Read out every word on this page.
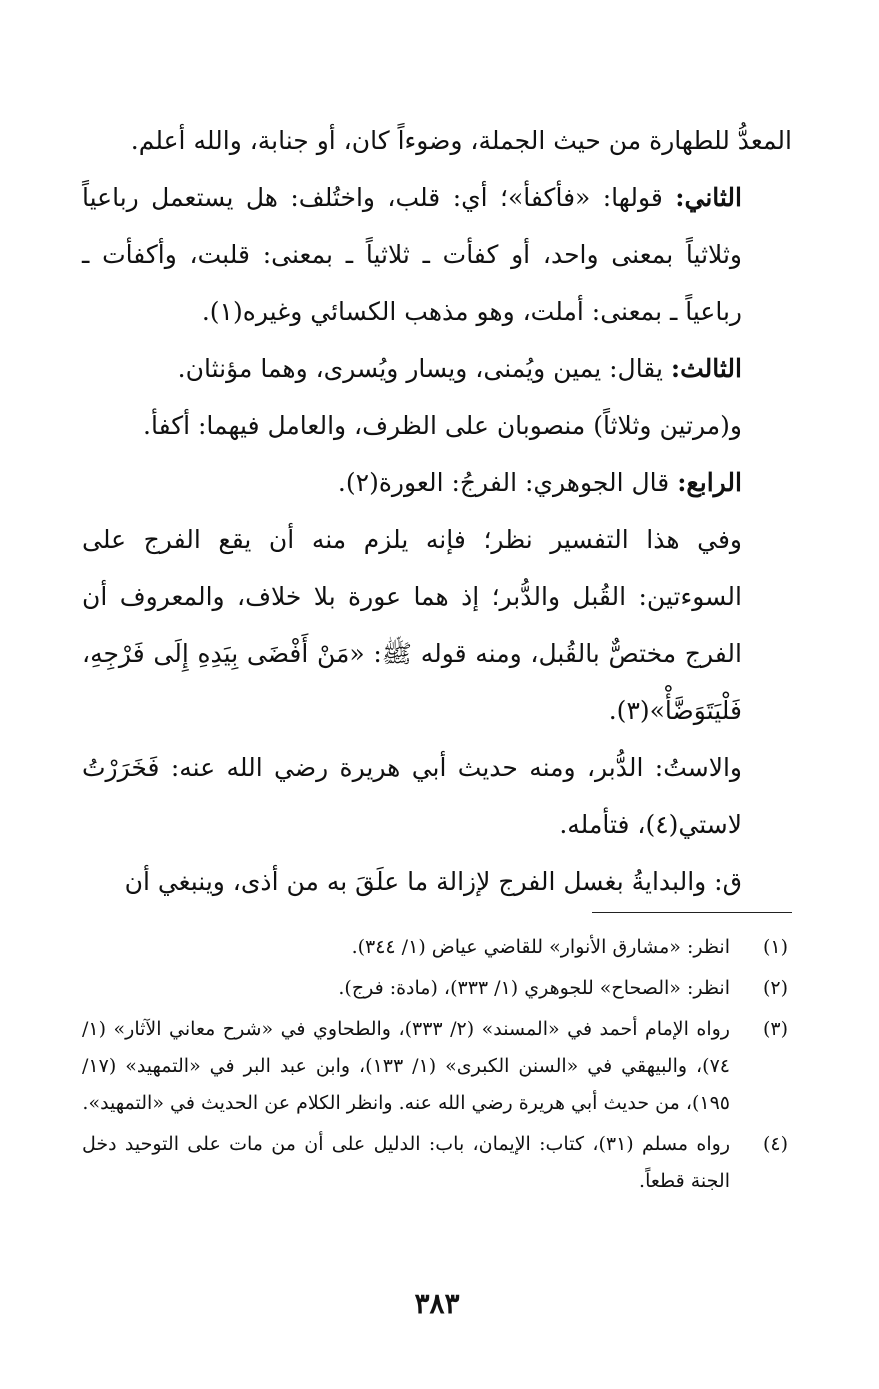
المعدُّ للطهارة من حيث الجملة، وضوءاً كان، أو جنابة، والله أعلم.

الثاني: قولها: «فأكفأ»؛ أي: قلب، واختُلف: هل يستعمل رباعياً وثلاثياً بمعنى واحد، أو كفأت ـ ثلاثياً ـ بمعنى: قلبت، وأكفأت ـ رباعياً ـ بمعنى: أملت، وهو مذهب الكسائي وغيره(١).

الثالث: يقال: يمين ويُمنى، ويسار ويُسرى، وهما مؤنثان.

و(مرتين وثلاثاً) منصوبان على الظرف، والعامل فيهما: أكفأ.

الرابع: قال الجوهري: الفرجُ: العورة(٢).

وفي هذا التفسير نظر؛ فإنه يلزم منه أن يقع الفرج على السوءتين: القُبل والدُّبر؛ إذ هما عورة بلا خلاف، والمعروف أن الفرج مختصٌّ بالقُبل، ومنه قوله ﷺ: «مَنْ أَفْضَى بِيَدِهِ إِلَى فَرْجِهِ، فَلْيَتَوَضَّأْ»(٣).

والاستُ: الدُّبر، ومنه حديث أبي هريرة رضي الله عنه: فَخَرَرْتُ لاستي(٤)، فتأمله.

ق: والبدايةُ بغسل الفرج لإزالة ما علَقَ به من أذى، وينبغي أن

(١)
انظر: «مشارق الأنوار» للقاضي عياض (١/ ٣٤٤).
(٢)
انظر: «الصحاح» للجوهري (١/ ٣٣٣)، (مادة: فرج).
(٣)
رواه الإمام أحمد في «المسند» (٢/ ٣٣٣)، والطحاوي في «شرح معاني الآثار» (١/ ٧٤)، والبيهقي في «السنن الكبرى» (١/ ١٣٣)، وابن عبد البر في «التمهيد» (١٧/ ١٩٥)، من حديث أبي هريرة رضي الله عنه. وانظر الكلام عن الحديث في «التمهيد».
(٤)
رواه مسلم (٣١)، كتاب: الإيمان، باب: الدليل على أن من مات على التوحيد دخل الجنة قطعاً.
٣٨٣
